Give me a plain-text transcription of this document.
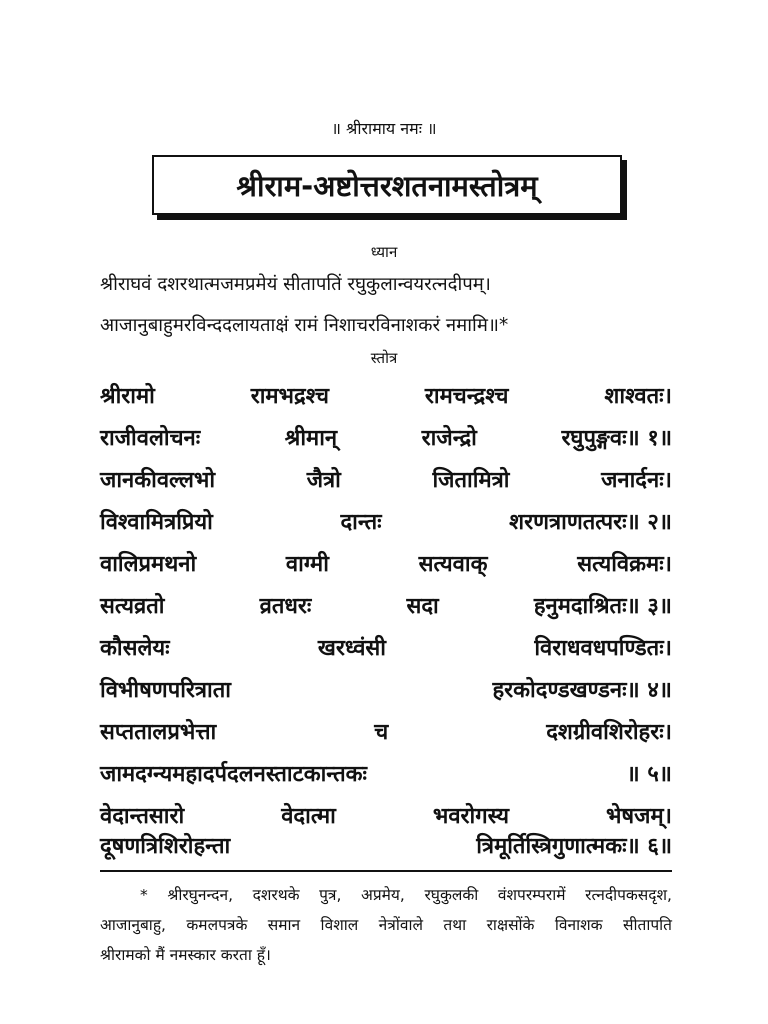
॥ श्रीरामाय नमः ॥
श्रीराम-अष्टोत्तरशतनामस्तोत्रम्
ध्यान
श्रीराघवं दशरथात्मजमप्रमेयं सीतापतिं रघुकुलान्वयरत्नदीपम्।
आजानुबाहुमरविन्ददलायताक्षं रामं निशाचरविनाशकरं नमामि॥*
स्तोत्र
श्रीरामो	रामभद्रश्च	रामचन्द्रश्च	शाश्वतः।
राजीवलोचनः	श्रीमान्	राजेन्द्रो	रघुपुङ्गवः॥ १॥
जानकीवल्लभो	जैत्रो	जितामित्रो	जनार्दनः।
विश्वामित्रप्रियो	दान्तः	शरणत्राणतत्परः॥ २॥
वालिप्रमथनो	वाग्मी	सत्यवाक्	सत्यविक्रमः।
सत्यव्रतो	व्रतधरः	सदा	हनुमदाश्रितः॥ ३॥
कौसलेयः	खरध्वंसी	विराधवधपण्डितः।
विभीषणपरित्राता	हरकोदण्डखण्डनः॥ ४॥
सप्ततालप्रभेत्ता	च	दशग्रीवशिरोहरः।
जामदग्न्यमहादर्पदलनस्ताटकान्तकः	॥ ५॥
वेदान्तसारो	वेदात्मा	भवरोगस्य	भेषजम्।
दूषणत्रिशिरोहन्ता	त्रिमूर्तिस्त्रिगुणात्मकः॥ ६॥
* श्रीरघुनन्दन, दशरथके पुत्र, अप्रमेय, रघुकुलकी वंशपरम्परामें रत्नदीपकसदृश,
आजानुबाहु, कमलपत्रके समान विशाल नेत्रोंवाले तथा राक्षसोंके विनाशक सीतापति
श्रीरामको मैं नमस्कार करता हूँ।
